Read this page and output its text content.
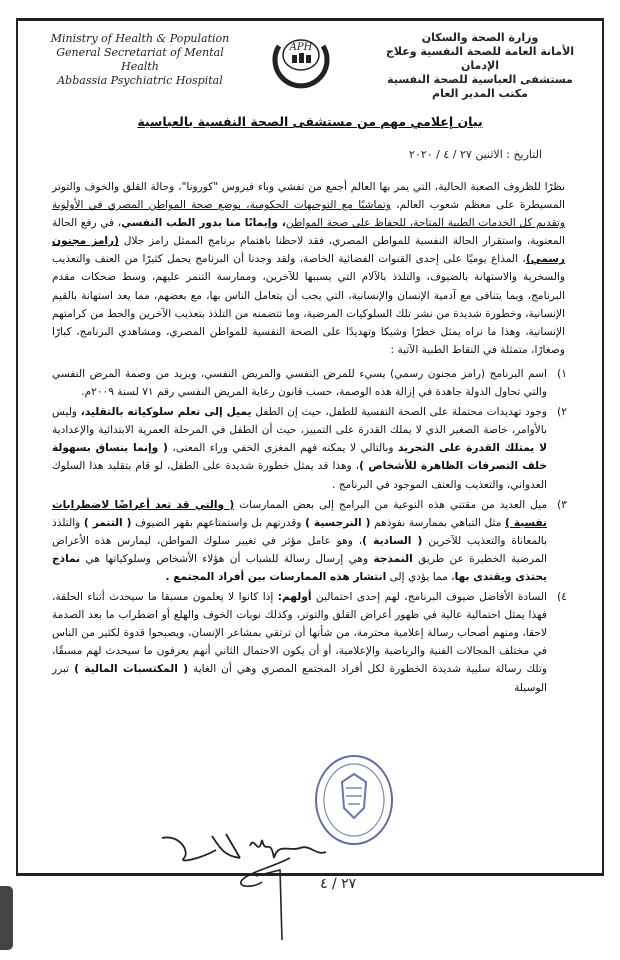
Ministry of Health & Population
General Secretariat of Mental Health
Abbassia Psychiatric Hospital
APH
وزارة الصحة والسكان
الأمانة العامة للصحة النفسية وعلاج الإدمان
مستشفى العباسية للصحة النفسية
مكتب المدير العام
بيان إعلامي مهم من مستشفى الصحة النفسية بالعباسية
التاريخ : الاثنين ٢٧ / ٤ / ٢٠٢٠

نظرًا للظروف الصعبة الحالية، التي يمر بها العالم أجمع من تفشي وباء فيروس "كورونا"، وحالة القلق والخوف والتوتر المسيطرة على معظم شعوب العالم، وتماشيًا مع التوجيهات الحكومية، بوضع صحة المواطن المصري في الأولوية وتقديم كل الخدمات الطبية المتاحة، للحفاظ على صحة المواطن، وإيمانًا منا بدور الطب النفسي، في رفع الحالة المعنوية، واستقرار الحالة النفسية للمواطن المصري، فقد لاحظنا باهتمام برنامج الممثل رامز جلال (رامز مجنون رسمي)، المذاع يوميًا على إحدى القنوات الفضائية الخاصة، ولقد وجدنا أن البرنامج يحمل كثيرًا من العنف والتعذيب والسخرية والاستهانة بالضيوف، والتلذذ بالآلام التي يسببها للآخرين، وممارسة التنمر عليهم، وسط ضحكات مقدم البرنامج، وبما يتنافى مع آدمية الإنسان والإنسانية، التي يجب أن يتعامل الناس بها، مع بعضهم، مما يعد استهانة بالقيم الإنسانية، وخطورة شديدة من نشر تلك السلوكيات المرضية، وما تتضمنه من التلذذ بتعذيب الآخرين والحط من كرامتهم الإنسانية، وهذا ما نراه يمثل خطرًا وشيكا وتهديدًا على الصحة النفسية للمواطن المصري، ومشاهدي البرنامج، كبارًا وصغارًا، متمثلة في النقاط الطبية الآتية :

١)
اسم البرنامج (رامز مجنون رسمي) يسيء للمرض النفسي والمريض النفسي، ويزيد من وصمة المرض النفسي والتي تحاول الدولة جاهدة في إزالة هذه الوصمة، حسب قانون رعاية المريض النفسي رقم ٧١ لسنة ٢٠٠٩م.
٢)
وجود تهديدات محتملة على الصحة النفسية للطفل، حيث إن الطفل يميل إلى تعلم سلوكياته بالتقليد، وليس بالأوامر، خاصة الصغير الذي لا يملك القدرة على التمييز، حيث أن الطفل في المرحلة العمرية الابتدائية والإعدادية لا يمتلك القدرة على التجريد وبالتالي لا يمكنه فهم المغزى الخفي وراء المعنى، ( وإنما ينساق بسهولة خلف التصرفات الظاهرة للأشخاص )، وهذا قد يمثل خطورة شديدة على الطفل، لو قام بتقليد هذا السلوك العدواني، والتعذيب والعنف الموجود في البرنامج .
٣)
ميل العديد من مقتني هذه النوعية من البرامج إلى بعض الممارسات ( والتي قد تعد أعراضًا لاضطرابات نفسية ) مثل التباهي بممارسة نفوذهم ( النرجسية ) وقدرتهم بل واستمتاعهم بقهر الضيوف ( التنمر ) والتلذذ بالمعاناة والتعذيب للآخرين ( السادية )، وهو عامل مؤثر في تغيير سلوك المواطن، ليمارس هذه الأعراض المرضية الخطيرة عن طريق النمذجة وهي إرسال رسالة للشباب أن هؤلاء الأشخاص وسلوكياتها هي نماذج يحتذى ويقتدى بها، مما يؤدي إلى انتشار هذه الممارسات بين أفراد المجتمع .
٤)
السادة الأفاضل ضيوف البرنامج، لهم إحدى احتمالين أولهم: إذا كانوا لا يعلمون مسبقا ما سيحدث أثناء الحلقة، فهذا يمثل احتمالية عالية في ظهور أعراض القلق والتوتر، وكذلك نوبات الخوف والهلع أو اضطراب ما بعد الصدمة لاحقا، ومنهم أصحاب رسالة إعلامية محترمة، من شأنها أن ترتقي بمشاعر الإنسان، ويصبحوا قدوة لكثير من الناس في مختلف المجالات الفنية والرياضية والإعلامية، أو أن يكون الاحتمال الثاني أنهم يعرفون ما سيحدث لهم مسبقًا، وتلك رسالة سلبية شديدة الخطورة لكل أفراد المجتمع المصري وهي أن الغاية ( المكتسبات المالية ) تبرر الوسيلة
٢٧ / ٤
